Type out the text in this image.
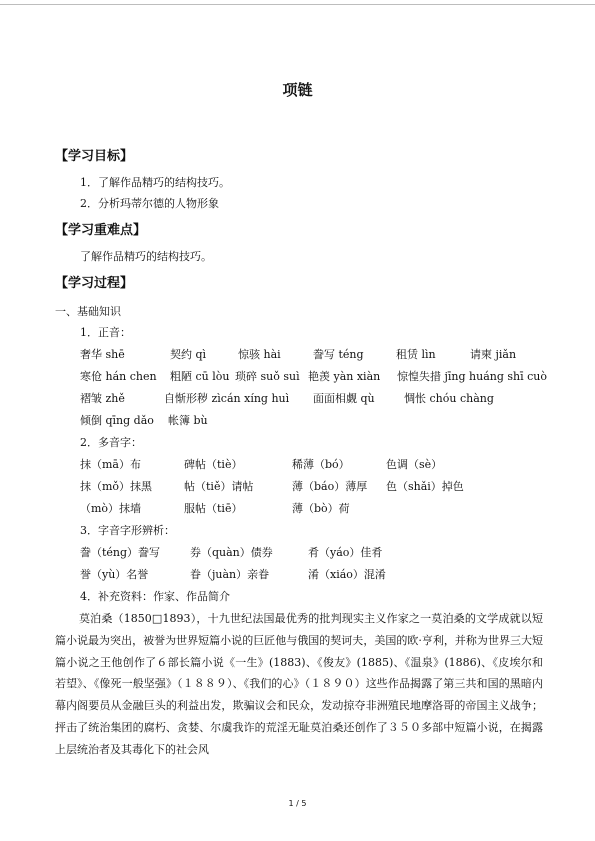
项链
【学习目标】
1．了解作品精巧的结构技巧。
2．分析玛蒂尔德的人物形象
【学习重难点】
了解作品精巧的结构技巧。
【学习过程】
一、基础知识
1．正音：
奢华 shē	契约 qì	惊骇 hài	誊写 téng	租赁 lìn	请柬 jiǎn
寒伧 hán chen 粗陋 cū lòu 琐碎 suǒ suì 艳羡 yàn xiàn 惊惶失措 jīng huáng shī cuò
褶皱 zhě	自惭形秽 zìcán xíng huì 面面相觑 qù	惆怅 chóu chàng
倾倒 qīng dǎo 帐簿 bù
2．多音字：
抹（mā）布	碑帖（tiè）	稀薄（bó）	色调（sè）
抹（mǒ）抹黑	帖（tiě）请帖	薄（báo）薄厚 色（shǎi）掉色
（mò）抹墙	服帖（tiē）	薄（bò）荷
3．字音字形辨析：
誊（téng）誊写	券（quàn）债券	肴（yáo）佳肴
誉（yù）名誉	眷（juàn）亲眷	淆（xiáo）混淆
4．补充资料：作家、作品简介
莫泊桑（1850□1893），十九世纪法国最优秀的批判现实主义作家之一莫泊桑的文学成就以短篇小说最为突出，被誉为世界短篇小说的巨匠他与俄国的契诃夫，美国的欧·亨利，并称为世界三大短篇小说之王他创作了６部长篇小说《一生》(1883)、《俊友》(1885)、《温泉》(1886)、《皮埃尔和若望》、《像死一般坚强》（１８８９）、《我们的心》（１８９０）这些作品揭露了第三共和国的黑暗内幕内阁要员从金融巨头的利益出发，欺骗议会和民众，发动掠夺非洲殖民地摩洛哥的帝国主义战争；抨击了统治集团的腐朽、贪婪、尔虞我诈的荒淫无耻莫泊桑还创作了３５０多部中短篇小说，在揭露上层统治者及其毒化下的社会风
1 / 5
